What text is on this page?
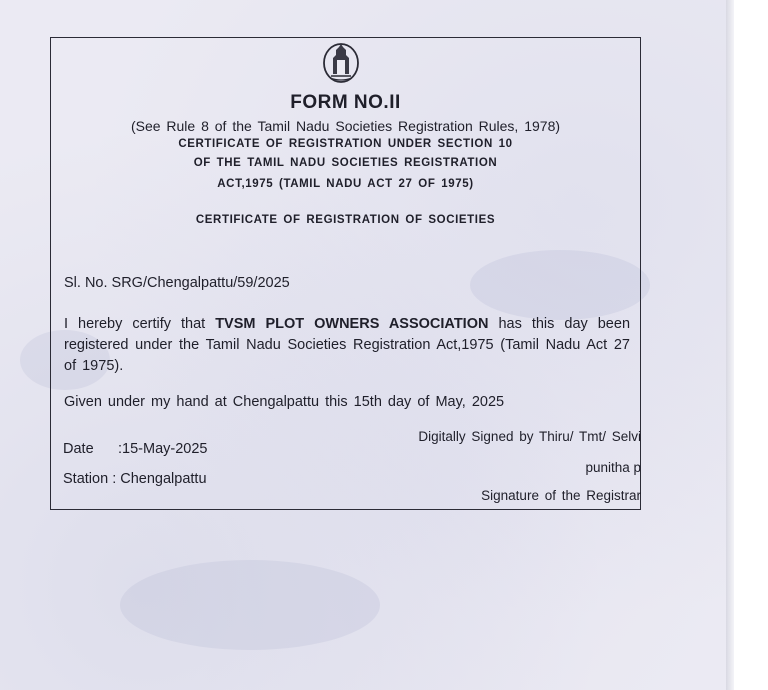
FORM NO.II
(See Rule 8 of the Tamil Nadu Societies Registration Rules, 1978)
CERTIFICATE OF REGISTRATION UNDER SECTION 10
OF THE TAMIL NADU SOCIETIES REGISTRATION
ACT,1975 (TAMIL NADU ACT 27 OF 1975)
CERTIFICATE OF REGISTRATION OF SOCIETIES
Sl. No. SRG/Chengalpattu/59/2025
I hereby certify that TVSM PLOT OWNERS ASSOCIATION has this day been registered under the Tamil Nadu Societies Registration Act,1975 (Tamil Nadu Act 27 of 1975).
Given under my hand at Chengalpattu this 15th day of May, 2025
Digitally Signed by Thiru/ Tmt/ Selvi
Date :15-May-2025
punitha p
Station : Chengalpattu
Signature of the Registrar
